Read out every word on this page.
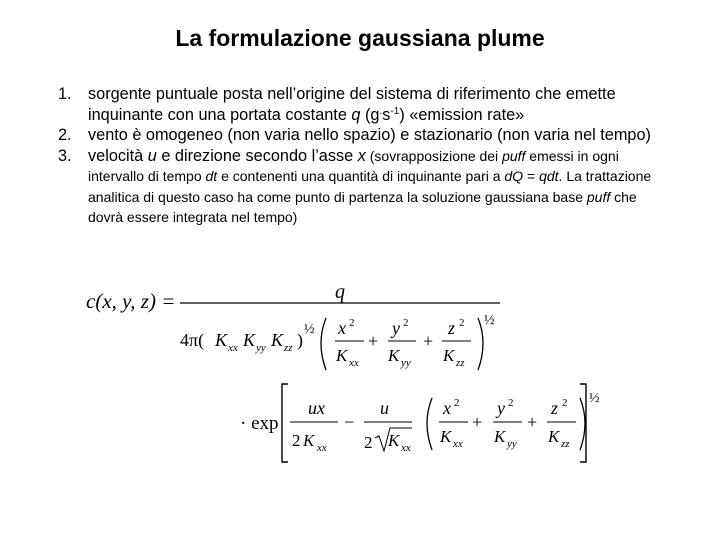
La formulazione gaussiana plume
1. sorgente puntuale posta nell’origine del sistema di riferimento che emette inquinante con una portata costante q $(g^.s^{-1})$ «emission rate»
2. vento è omogeneo (non varia nello spazio) e stazionario (non varia nel tempo)
3. velocità u e direzione secondo l’asse x (sovrapposizione dei puff emessi in ogni intervallo di tempo dt e contenenti una quantità di inquinante pari a dQ = qdt. La trattazione analitica di questo caso ha come punto di partenza la soluzione gaussiana base puff che dovrà essere integrata nel tempo)
c(x, y, z) =	q
4π( K xx K yy K zz )
½
½
x 2
K xx
+
y 2
K yy
+
z 2
K zz
· exp
ux
2 K xx
−
u
2 K xx
½
x 2
K xx
+
y 2
K yy
+
z 2
K zz
